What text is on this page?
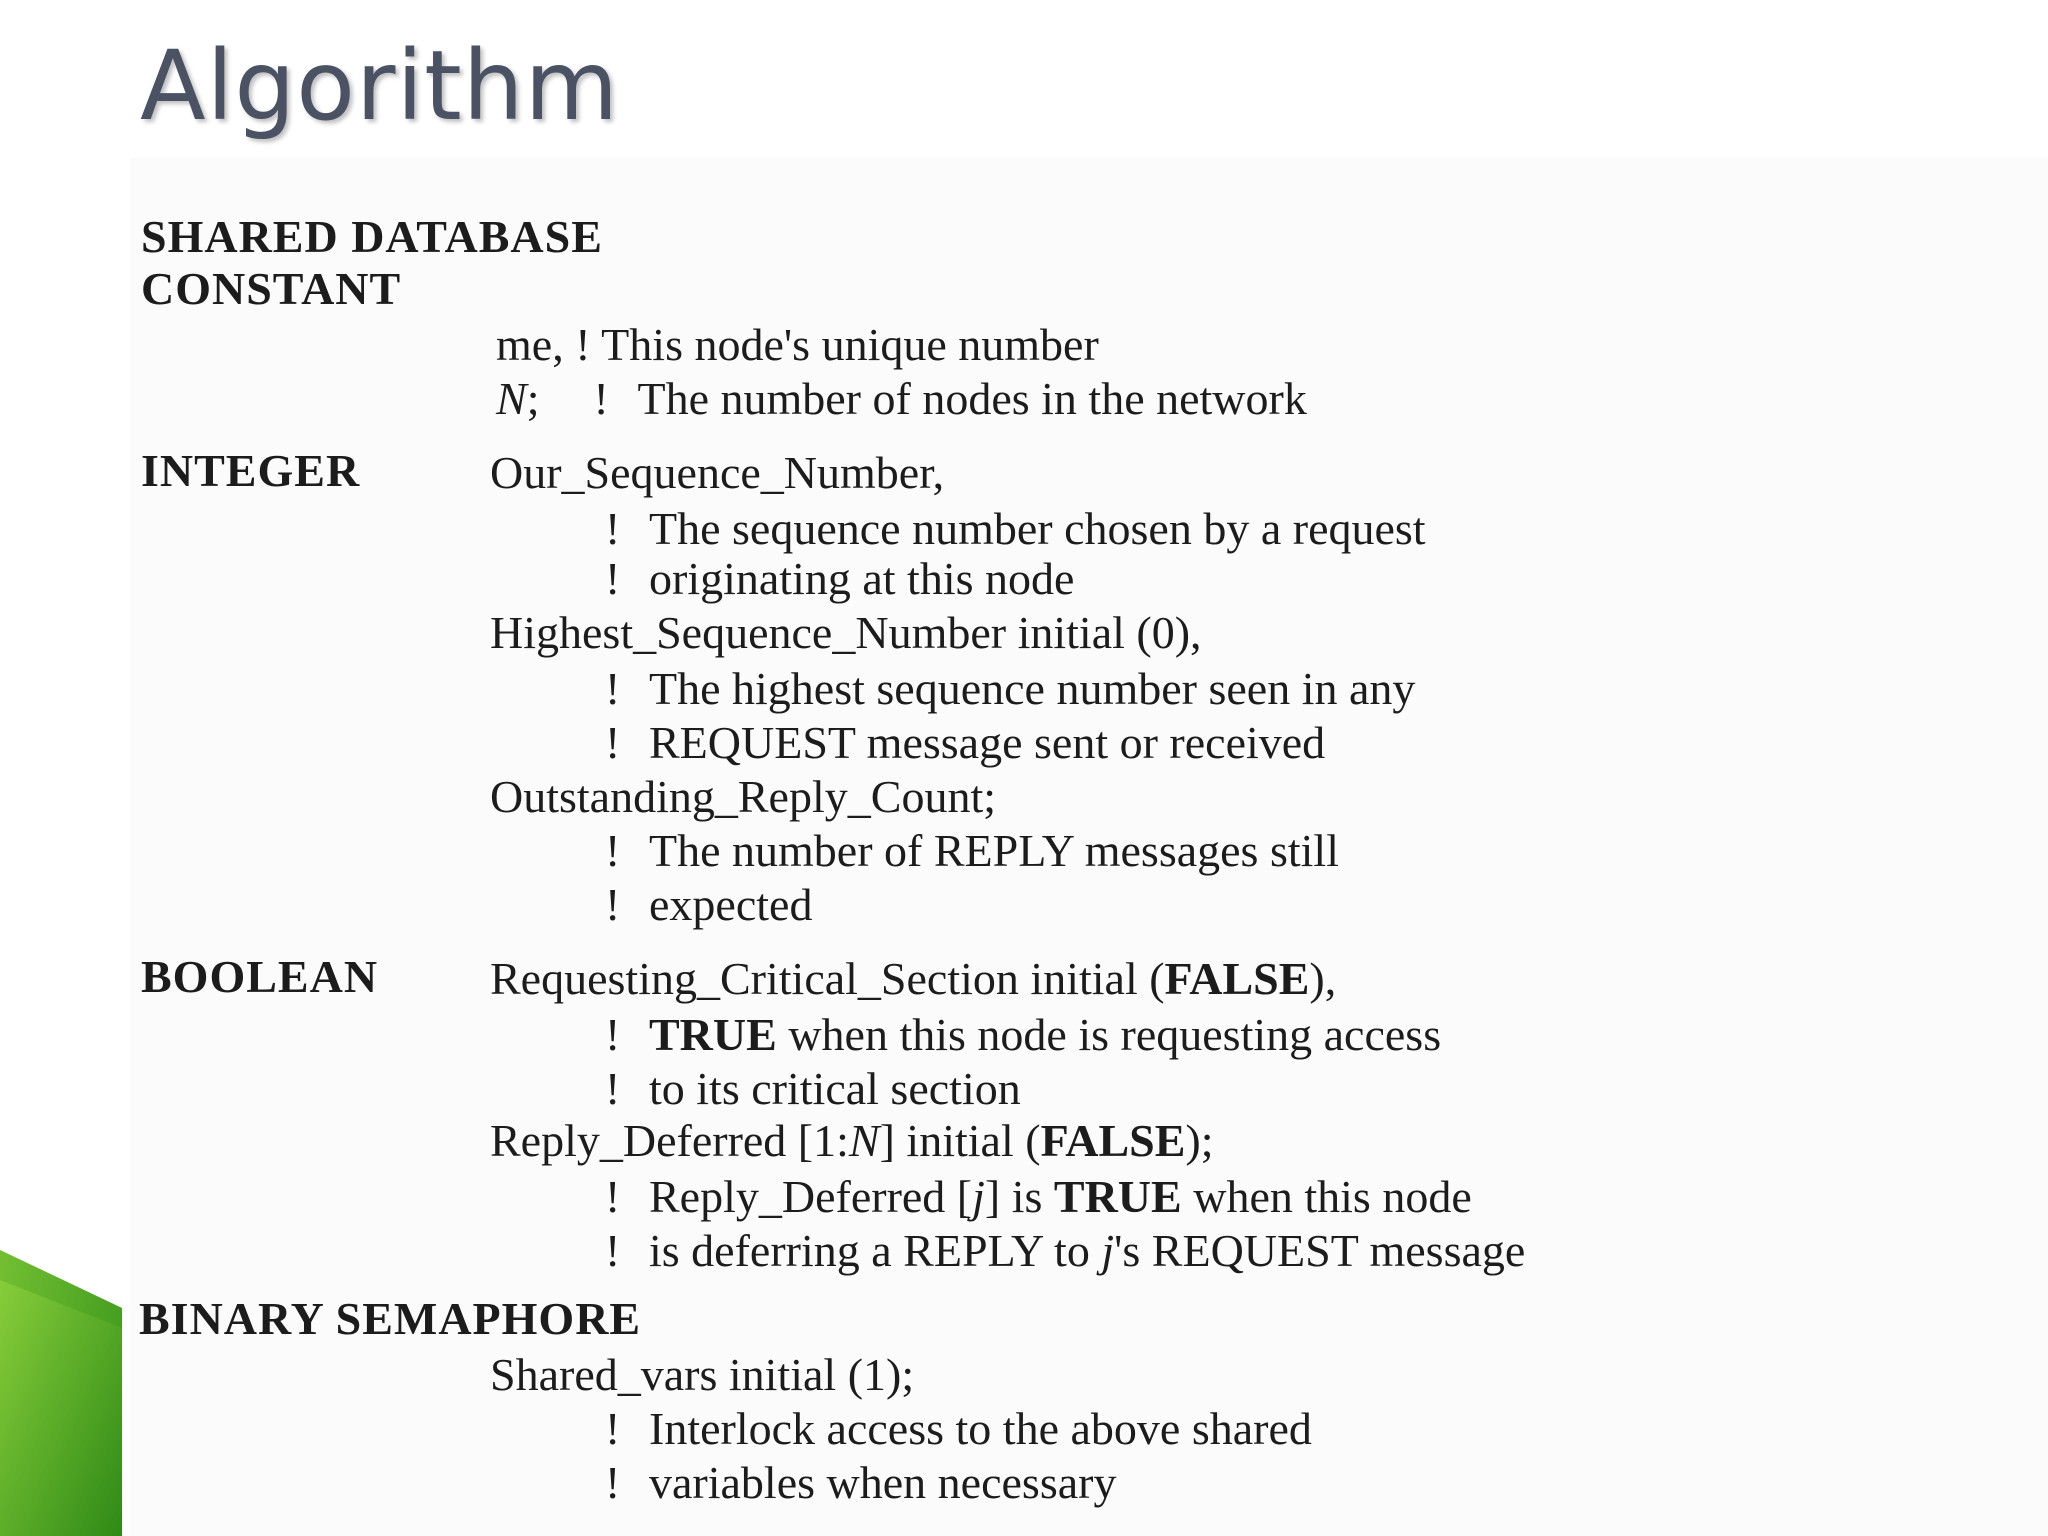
Algorithm
SHARED DATABASE
CONSTANT
me, ! This node's unique number
N; ! The number of nodes in the network
INTEGER	Our_Sequence_Number,
! The sequence number chosen by a request
! originating at this node
Highest_Sequence_Number initial (0),
! The highest sequence number seen in any
! REQUEST message sent or received
Outstanding_Reply_Count;
! The number of REPLY messages still
! expected
BOOLEAN Requesting_Critical_Section initial (FALSE),
! TRUE when this node is requesting access
! to its critical section
Reply_Deferred [1:N] initial (FALSE);
! Reply_Deferred [j] is TRUE when this node
! is deferring a REPLY to j's REQUEST message
BINARY SEMAPHORE
Shared_vars initial (1);
! Interlock access to the above shared
! variables when necessary
